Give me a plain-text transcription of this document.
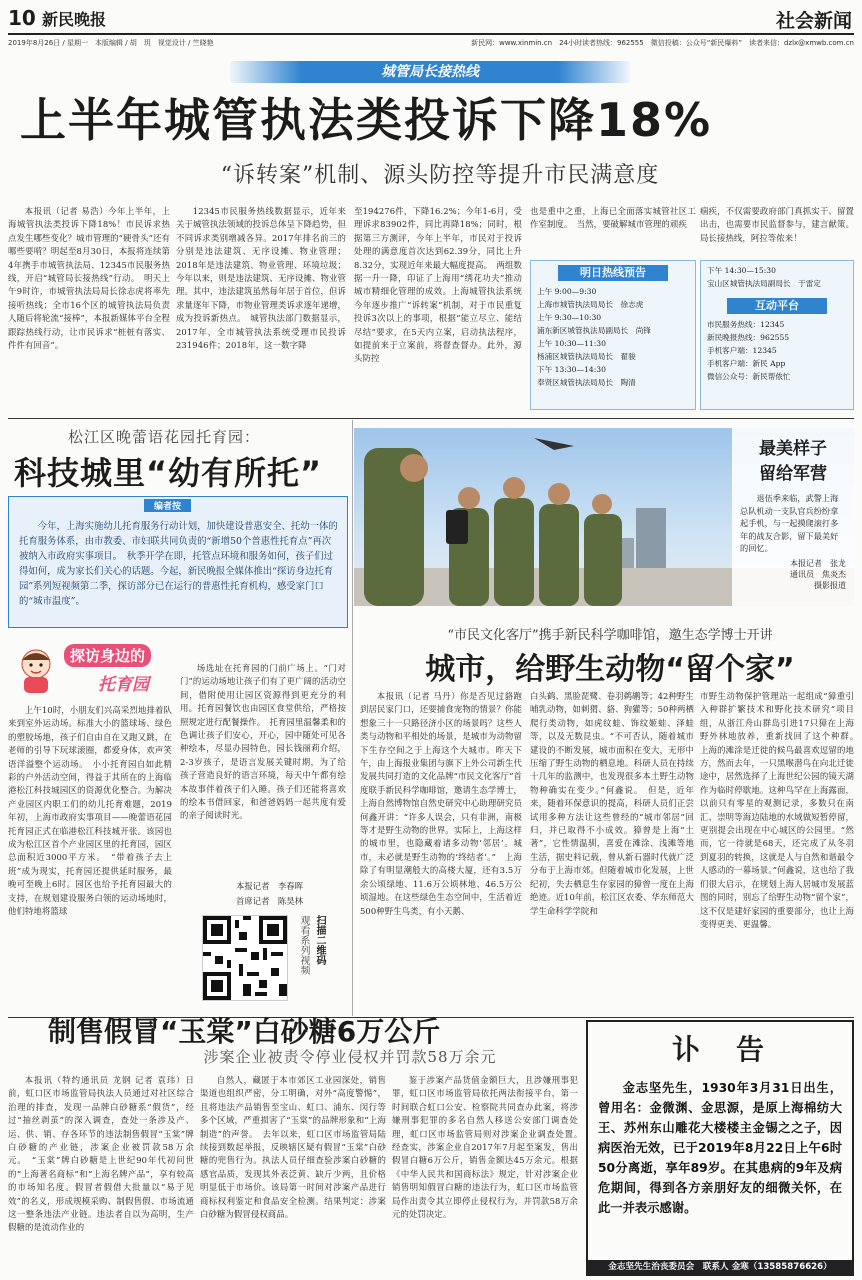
10 新民晚报	社会新闻
2019年8月26日 / 星期一　本版编辑 / 胡　玥　视觉设计 / 竺晓艳	新民网：www.xinmin.cn　24小时读者热线：962555　微信投稿：公众号“新民爆料”　读者来信：dzlx@xmwb.com.cn
城管局长接热线
上半年城管执法类投诉下降18%
“诉转案”机制、源头防控等提升市民满意度
本报讯（记者 易浩）今年上半年，上海城管执法类投诉下降18%！市民诉求热点发生哪些变化？城市管理的“硬骨头”还有哪些要啃？明起至8月30日，本报将连续第4年携手市城管执法局、12345市民服务热线，开启“城管局长接热线”行动。　明天上午9时许，市城管执法局局长徐志虎将率先接听热线；全市16个区的城管执法局负责人随后将轮流“接棒”，本报新媒体平台全程跟踪热线行动，让市民诉求“桩桩有落实、件件有回音”。
12345市民服务热线数据显示，近年来关于城管执法领域的投诉总体呈下降趋势，但不同诉求类别增减各异。2017年排名前三的分别是违法建筑、无序设摊、物业管理；2018年是违法建筑、物业管理、环境垃圾；今年以来，则是违法建筑、无序设摊、物业管理。其中，违法建筑虽然每年居于首位，但诉求量逐年下降，市物业管理类诉求逐年递增，成为投诉新热点。　城管执法部门数据显示，2017年，全市城管执法系统受理市民投诉231946件；2018年，这一数字降
至194276件，下降16.2%；今年1-6月，受理诉求83902件，同比再降18%；同时，根据第三方测评，今年上半年，市民对于投诉处理的满意度首次达到62.39分，同比上升8.32分，实现近年来最大幅度提高。　两组数据一升一降，印证了上海用“绣花功夫”推动城市精细化管理的成效。上海城管执法系统今年逐步推广“诉转案”机制，对于市民重复投诉3次以上的事项，根据“能立尽立、能结尽结”要求，在5天内立案，启动执法程序，如提前来于立案前，将督查督办。此外，源头防控
也是重中之重，上海已全面落实城管社区工作室制度。　当然，要破解城市管理的顽疾
痼疾，不仅需要政府部门真抓实干、留置出击，也需要市民监督参与，建言献策。局长接热线，阿拉等侬来！
明日热线预告
上午 9:00—9:30
上海市城管执法局局长　徐志虎
上午 9:30—10:30
浦东新区城管执法局副局长　尚锋
上午 10:30—11:30
杨浦区城管执法局局长　翟骏
下午 13:30—14:30
奉贤区城管执法局局长　陶清
下午 14:30—15:30
宝山区城管执法局副局长　于雷定
互动平台
市民服务热线：12345
新民晚报热线：962555
手机客户端：12345
手机客户端：新民 App
微信公众号：新民帮侬忙
松江区晚蕾语花园托育园：
科技城里“幼有所托”
编者按
今年，上海实施幼儿托育服务行动计划，加快建设普惠安全、托幼一体的托育服务体系，由市教委、市妇联共同负责的“新增50个普惠性托育点”再次被纳入市政府实事项目。　秋季开学在即，托管点环境和服务如何，孩子们过得如何，成为家长们关心的话题。今起，新民晚报全媒体推出“探访身边托育园”系列短视频第二季，探访部分已在运行的普惠性托育机构，感受家门口的“城市温度”。
探访身边的
托育园
上午10时，小朋友们兴高采烈地排着队来到室外运动场。标准大小的篮球场、绿色的塑胶场地，孩子们自由自在又跑又跳，在老师的引导下玩球滚圈，都爱身体，欢声笑语洋溢整个运动场。　小小托育园自如此精彩的户外活动空间，得益于其所在的上海临港松江科技城园区的资源优化整合。为解决产业园区内职工们的幼儿托育难题，2019年初，上海市政府实事项目——晚蕾语花园托育园正式在临港松江科技城开张。该园也成为松江区首个产业园区里的托育园，园区总面积近3000平方米。　“带着孩子去上班”成为现实，托育园还提供延时服务，最晚可至晚上6时。园区也给予托育园最大的支持，在规划建设服务白领的运动场地时，他们特地将篮球
场选址在托育园的门前广场上。“门对门”的运动场地让孩子们有了更广阔的活动空间，借附使用让园区资源得到更充分的利用。托育园餐饮也由园区食堂供给，严格按照规定进行配餐操作。　托育园里温馨柔和的色调让孩子们安心，开心，园中随处可见各种绘本，尽显办园特色，园长钱丽莉介绍，2-3岁孩子，是语言发展关键时期，为了给孩子营造良好的语言环境，每天中午都有绘本故事伴着孩子们入睡。孩子们还能将喜欢的绘本书借回家，和爸爸妈妈一起共度有爱的亲子阅读时光。
本报记者　李春晖
首席记者　陈昊林
扫描二维码
观看系列视频
最美样子
留给军营
退伍季来临，武警上海总队机动一支队官兵纷纷拿起手机，与一起摸爬滚打多年的战友合影，留下最美好的回忆。
本报记者　张龙
通讯员　焦炎杰
摄影报道
“市民文化客厅”携手新民科学咖啡馆，邀生态学博士开讲
城市，给野生动物“留个家”
本报讯（记者 马丹）你是否见过貉跑到居民家门口，还要捕食宠物的情景？你能想象三十一只路径济小区的场景吗？这些人类与动物和平相处的场景，是城市为动物留下生存空间之于上海这个大城市。昨天下午，由上海报业集团与旗下上外公司新生代发展共同打造的文化品牌“市民文化客厅”首度联手新民科学咖啡馆，邀请生态学博士，上海自然博物馆自然史研究中心助理研究员何鑫开讲：“许多人误会，只有非洲，南极等才是野生动物的世界。实际上，上海这样的城市里，也隐藏着诸多动物‘邻居’。城市，未必就是野生动物的‘终结者’。”　上海除了有明显潮般大的高楼大厦，还有3.5万余公顷绿地、11.6万公顷林地、46.5万公顷湿地。在这些绿色生态空间中，生活着近500种野生鸟类，有小天鹅、
白头鹤、黑脸琵鹭、卷羽鹈鹕等；42种野生哺乳动物，如刺猬、貉、狗獾等；50种两栖爬行类动物，如虎纹蛙、饰纹姬蛙、泽蛙等，以及无数昆虫。“不可否认，随着城市建设的不断发展，城市面积在变大，无形中压缩了野生动物的栖息地。科研人员在持续十几年的监测中，也发现很多本土野生动物物种确实在变少。”何鑫说。　但是，近年来，随着环保意识的提高，科研人员们正尝试用多种方法让这些曾经的“城市邻居”回归，并已取得不小成效。獐曾是上海“土著”，它性情温驯，喜爱在滩涂、浅滩等地生活，据史料记载，曾从新石器时代就广泛分布于上海市郊。但随着城市化发展，上世纪初，失去栖息生存家园的獐曾一度在上海绝迹。近10年前，松江区农委、华东师范大学生命科学学院和
市野生动物保护管理站一起组成“獐重引入种群扩繁技术和野化技术研究”项目组，从浙江舟山群岛引进17只獐在上海野外林地放养，重新找回了这个种群。　上海的滩涂是迁徙的候鸟最喜欢逗留的地方，然而去年，一只黑喉潜鸟在向北迁徙途中，居然选择了上海世纪公园的镜天湖作为临时停歇地。这种鸟罕在上海露面，以前只有零星的观测记录，多数只在南汇、崇明等海边陆地的水域做短暂停留，更别提会出现在中心城区的公园里。“然而，它一待就是68天，还完成了从冬羽到夏羽的转换，这就是人与自然和谐最令人感动的一幕场景。”何鑫说，这也给了我们很大启示，在规划上海人居城市发展蓝图的同时，别忘了给野生动物“留个家”，这不仅是建好家园的重要部分，也让上海变得更美、更温馨。
制售假冒“玉棠”白砂糖6万公斤
涉案企业被责令停业侵权并罚款58万余元
本报讯（特约通讯员 龙钢 记者 袁玮）日前，虹口区市场监管局执法人员通过对社区综合治理的排查，发现一品牌白砂糖系“假货”，经过“抽丝剥茧”的深入调查，查处一条涉及产、运、供、销、存各环节的违法制售假冒“玉棠”牌白砂糖的产业链，涉案企业被罚款58万余元。　“玉棠”牌白砂糖是上世纪90年代初问世的“上海著名商标”和“上海名牌产品”，享有较高的市场知名度。假冒者假借大批量以“易于见效”的名义，形成规模采购、制假售假、市场流通这一整条违法产业链。违法者自以为高明，生产假糖的是流动作业的
自然人，藏匿于本市郊区工业园深处，销售渠道也组织严密，分工明确，对外“高度警惕”，且将违法产品销售至宝山、虹口、浦东、闵行等多个区域，严重损害了“玉棠”的品牌形象和“上海制造”的声誉。　去年以来，虹口区市场监管局陆续接到数起举报，反映辖区疑有假冒“玉棠”白砂糖的兜售行为。执法人员仔细查验涉案白砂糖的感官品质，发现其外表泛黄、缺斤少两，且价格明显低于市场价。该局第一时间对涉案产品进行商标权利鉴定和食品安全检测。结果判定：涉案白砂糖为假冒侵权商品。
鉴于涉案产品货值金额巨大，且涉嫌刑事犯罪，虹口区市场监管局依托两法衔接平台，第一时间联合虹口公安、检察院共同查办此案，将涉嫌刑事犯罪的多名自然人移送公安部门调查处理，虹口区市场监管局则对涉案企业调查处置。　经查实，涉案企业自2017年7月起至案发，售出假冒白糖6万公斤，销售金额达45万余元。根据《中华人民共和国商标法》规定，针对涉案企业销售明知假冒白糖的违法行为，虹口区市场监管局作出责令其立即停止侵权行为，并罚款58万余元的处罚决定。
讣　告
金志坚先生，1930年3月31日出生，曾用名：金微渊、金思源，是原上海棉纺大王、苏州东山雕花大楼楼主金锡之之子，因病医治无效，已于2019年8月22日上午6时50分离逝，享年89岁。在其患病的9年及病危期间，得到各方亲朋好友的细微关怀，在此一并表示感谢。
金志坚先生治丧委员会　联系人 金寒（13585876626）
